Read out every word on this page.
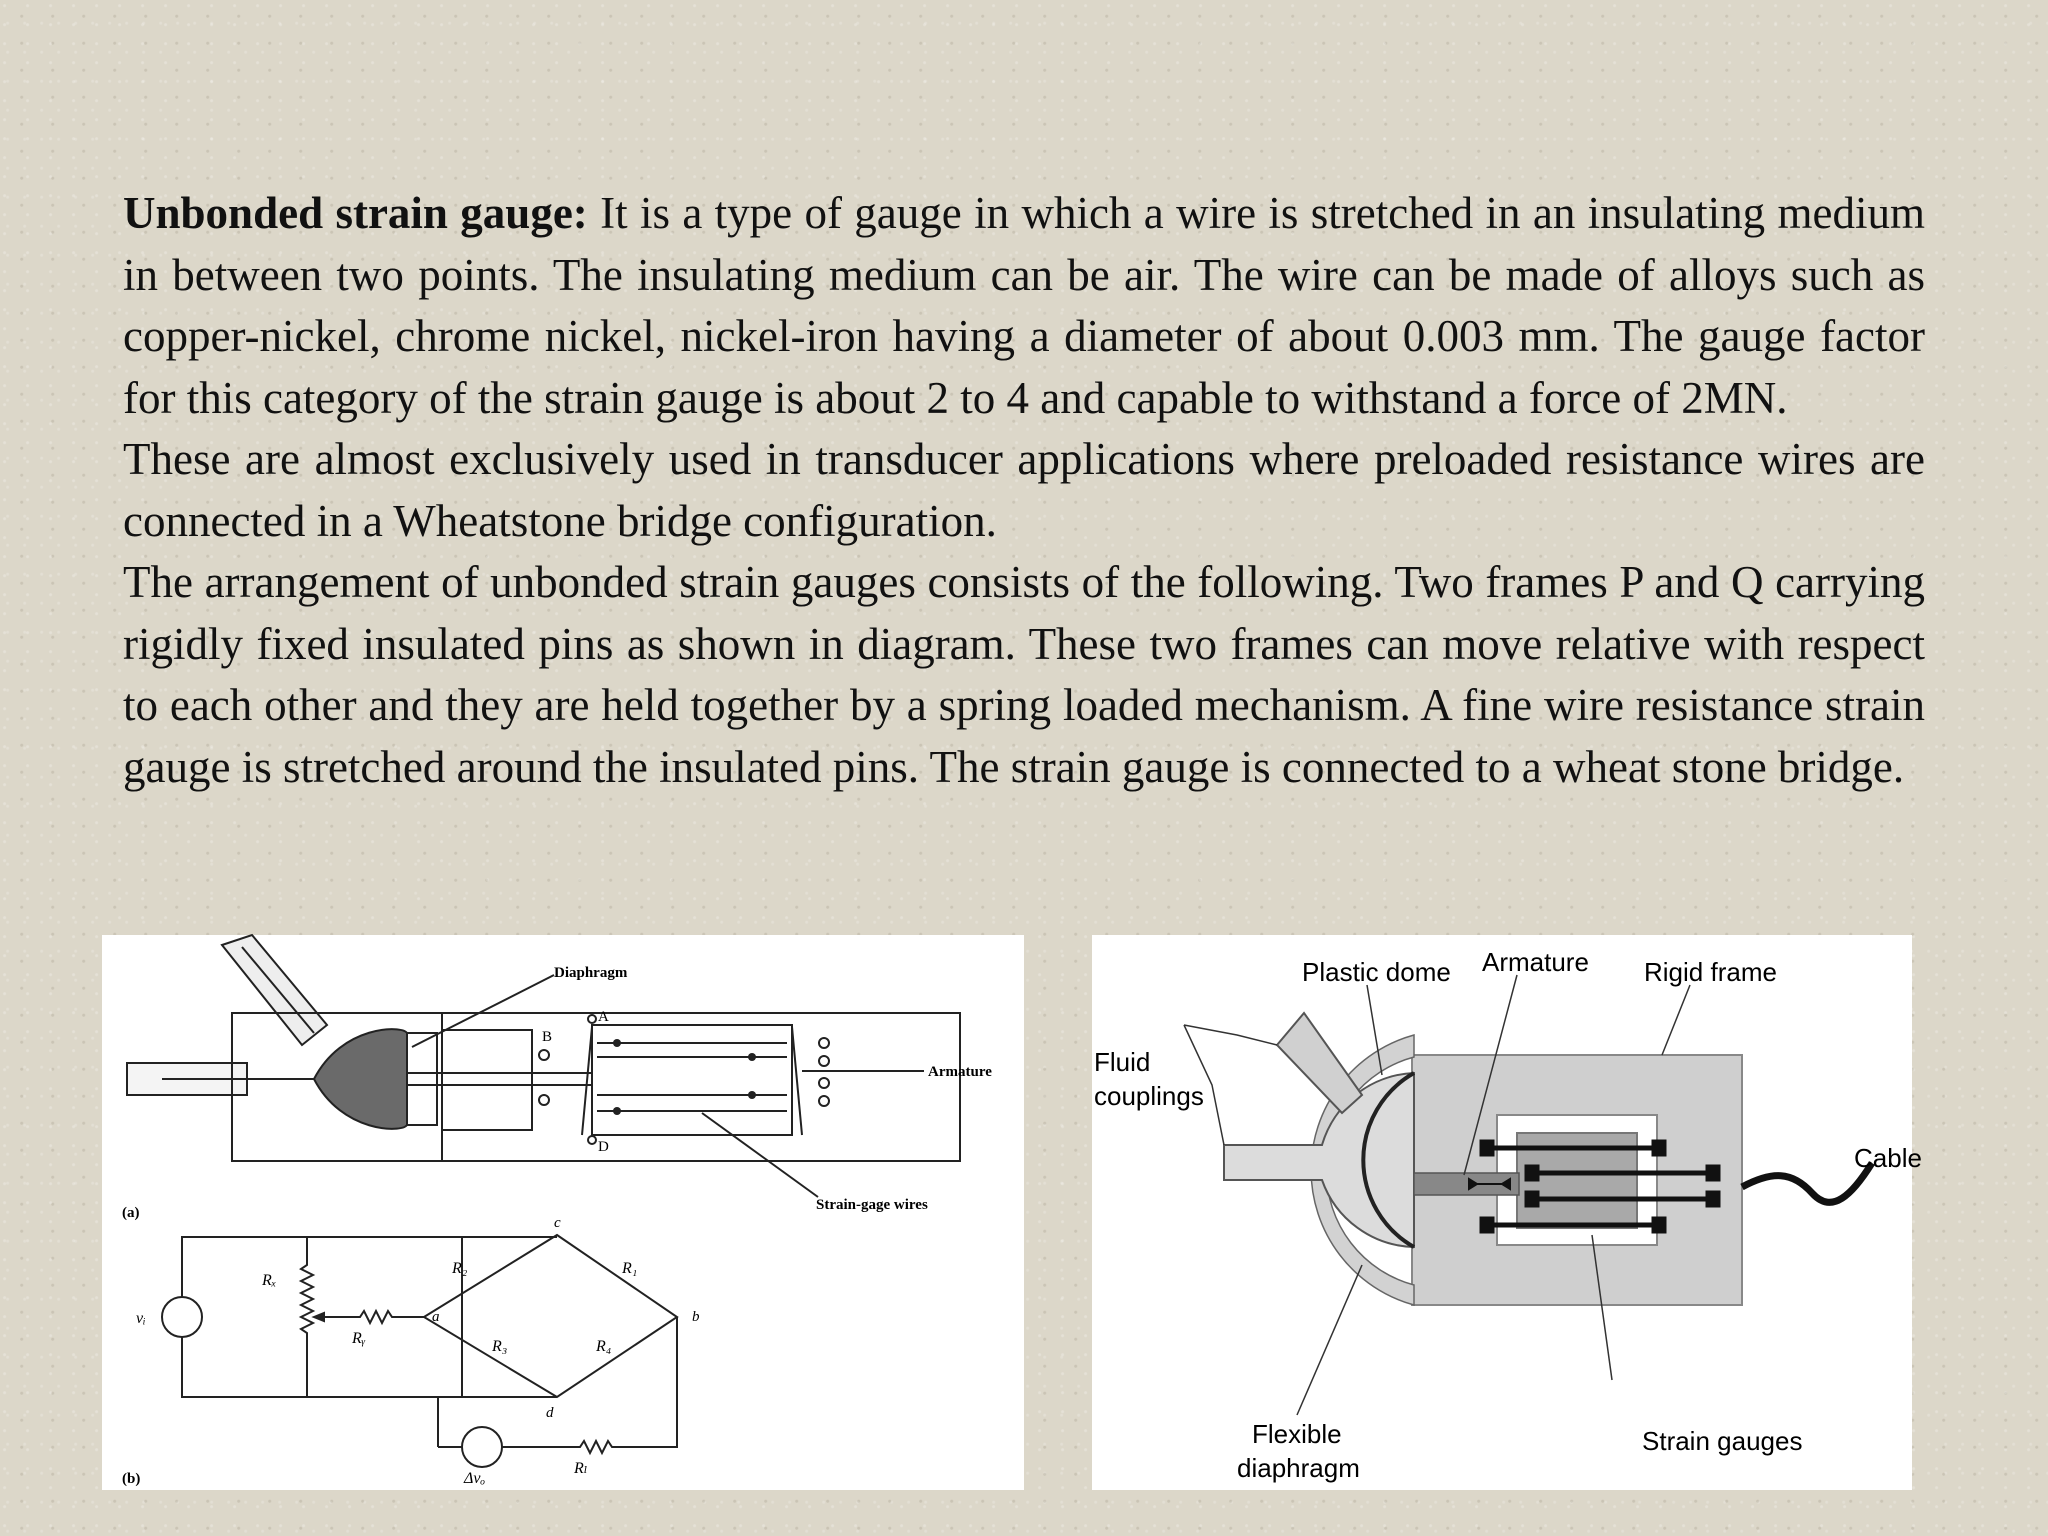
Unbonded strain gauge: It is a type of gauge in which a wire is stretched in an insulating medium in between two points. The insulating medium can be air. The wire can be made of alloys such as copper-nickel, chrome nickel, nickel-iron having a diameter of about 0.003 mm. The gauge factor for this category of the strain gauge is about 2 to 4 and capable to withstand a force of 2MN.

These are almost exclusively used in transducer applications where preloaded resistance wires are connected in a Wheatstone bridge configuration.

The arrangement of unbonded strain gauges consists of the following. Two frames P and Q carrying rigidly fixed insulated pins as shown in diagram. These two frames can move relative with respect to each other and they are held together by a spring loaded mechanism. A fine wire resistance strain gauge is stretched around the insulated pins. The strain gauge is connected to a wheat stone bridge.

Diaphragm
Armature
Strain-gage wires
A
B
D
(a)
(b)
vᵢ
Rₓ
Rᵧ
R₂	R₁
R₃	R₄
Rₗ
a	b
c
d
Δvₒ
Plastic dome Armature Rigid frame
Fluid
couplings
Cable
Flexible
diaphragm
Strain gauges
